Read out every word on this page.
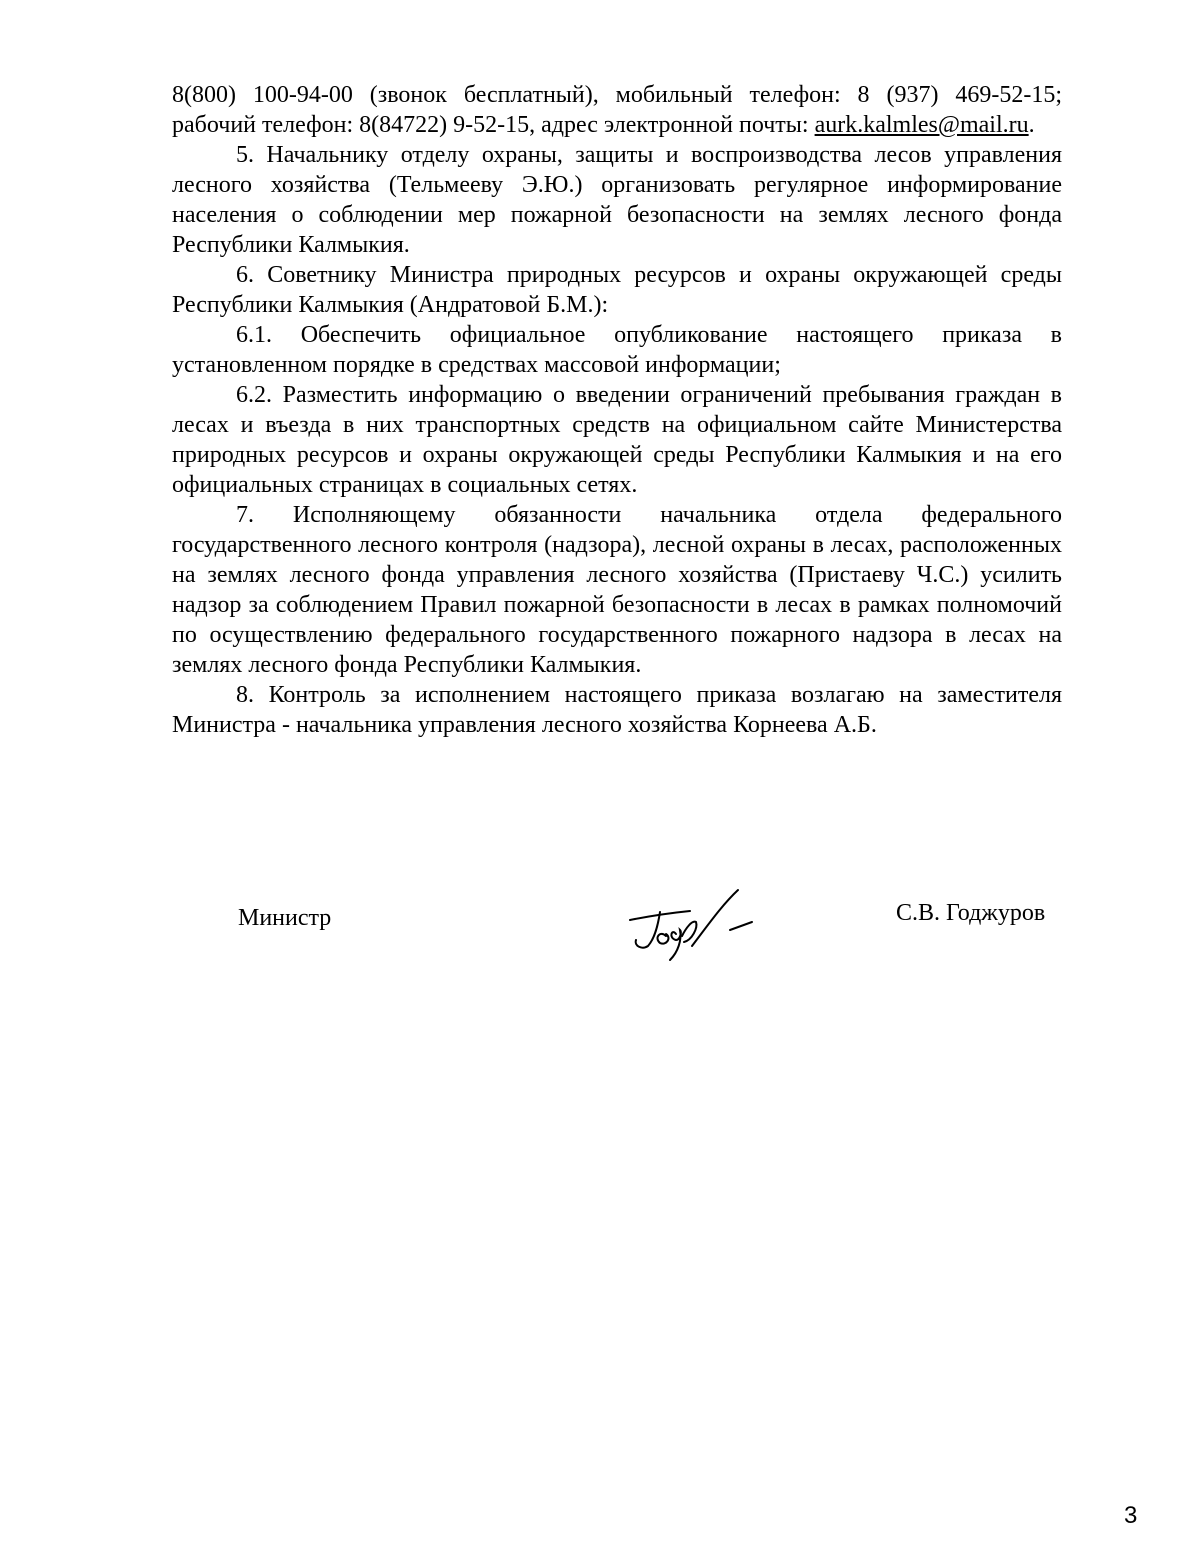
8(800) 100-94-00 (звонок бесплатный), мобильный телефон: 8 (937) 469-52-15; рабочий телефон: 8(84722) 9-52-15, адрес электронной почты: aurk.kalmles@mail.ru.

5. Начальнику отделу охраны, защиты и воспроизводства лесов управления лесного хозяйства (Тельмееву Э.Ю.) организовать регулярное информирование населения о соблюдении мер пожарной безопасности на землях лесного фонда Республики Калмыкия.

6. Советнику Министра природных ресурсов и охраны окружающей среды Республики Калмыкия (Андратовой Б.М.):

6.1. Обеспечить официальное опубликование настоящего приказа в установленном порядке в средствах массовой информации;

6.2. Разместить информацию о введении ограничений пребывания граждан в лесах и въезда в них транспортных средств на официальном сайте Министерства природных ресурсов и охраны окружающей среды Республики Калмыкия и на его официальных страницах в социальных сетях.

7. Исполняющему обязанности начальника отдела федерального государственного лесного контроля (надзора), лесной охраны в лесах, расположенных на землях лесного фонда управления лесного хозяйства (Пристаеву Ч.С.) усилить надзор за соблюдением Правил пожарной безопасности в лесах в рамках полномочий по осуществлению федерального государственного пожарного надзора в лесах на землях лесного фонда Республики Калмыкия.

8. Контроль за исполнением настоящего приказа возлагаю на заместителя Министра - начальника управления лесного хозяйства Корнеева А.Б.

Министр	С.В. Годжуров
3
